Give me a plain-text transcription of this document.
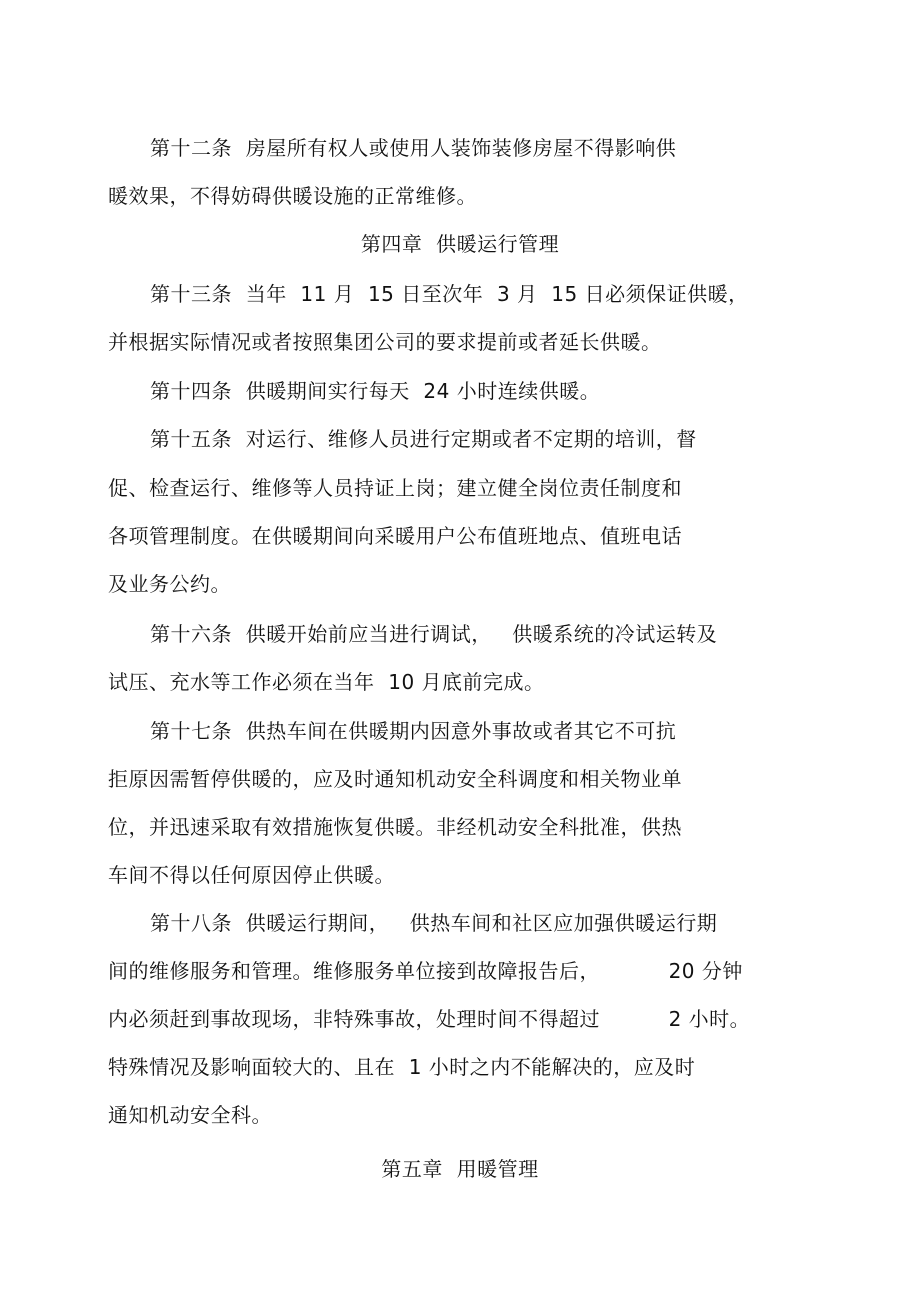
第十二条  房屋所有权人或使用人装饰装修房屋不得影响供
暖效果，不得妨碍供暖设施的正常维修。
第四章  供暖运行管理
第十三条  当年  11 月  15 日至次年  3 月  15 日必须保证供暖，
并根据实际情况或者按照集团公司的要求提前或者延长供暖。
第十四条  供暖期间实行每天  24 小时连续供暖。
第十五条  对运行、维修人员进行定期或者不定期的培训，督
促、检查运行、维修等人员持证上岗；建立健全岗位责任制度和
各项管理制度。在供暖期间向采暖用户公布值班地点、值班电话
及业务公约。
第十六条  供暖开始前应当进行调试，   供暖系统的冷试运转及
试压、充水等工作必须在当年  10 月底前完成。
第十七条  供热车间在供暖期内因意外事故或者其它不可抗
拒原因需暂停供暖的，应及时通知机动安全科调度和相关物业单
位，并迅速采取有效措施恢复供暖。非经机动安全科批准，供热
车间不得以任何原因停止供暖。
第十八条  供暖运行期间，   供热车间和社区应加强供暖运行期
间的维修服务和管理。维修服务单位接到故障报告后，          20 分钟
内必须赶到事故现场，非特殊事故，处理时间不得超过          2 小时。
特殊情况及影响面较大的、且在  1 小时之内不能解决的，应及时
通知机动安全科。
第五章  用暖管理
